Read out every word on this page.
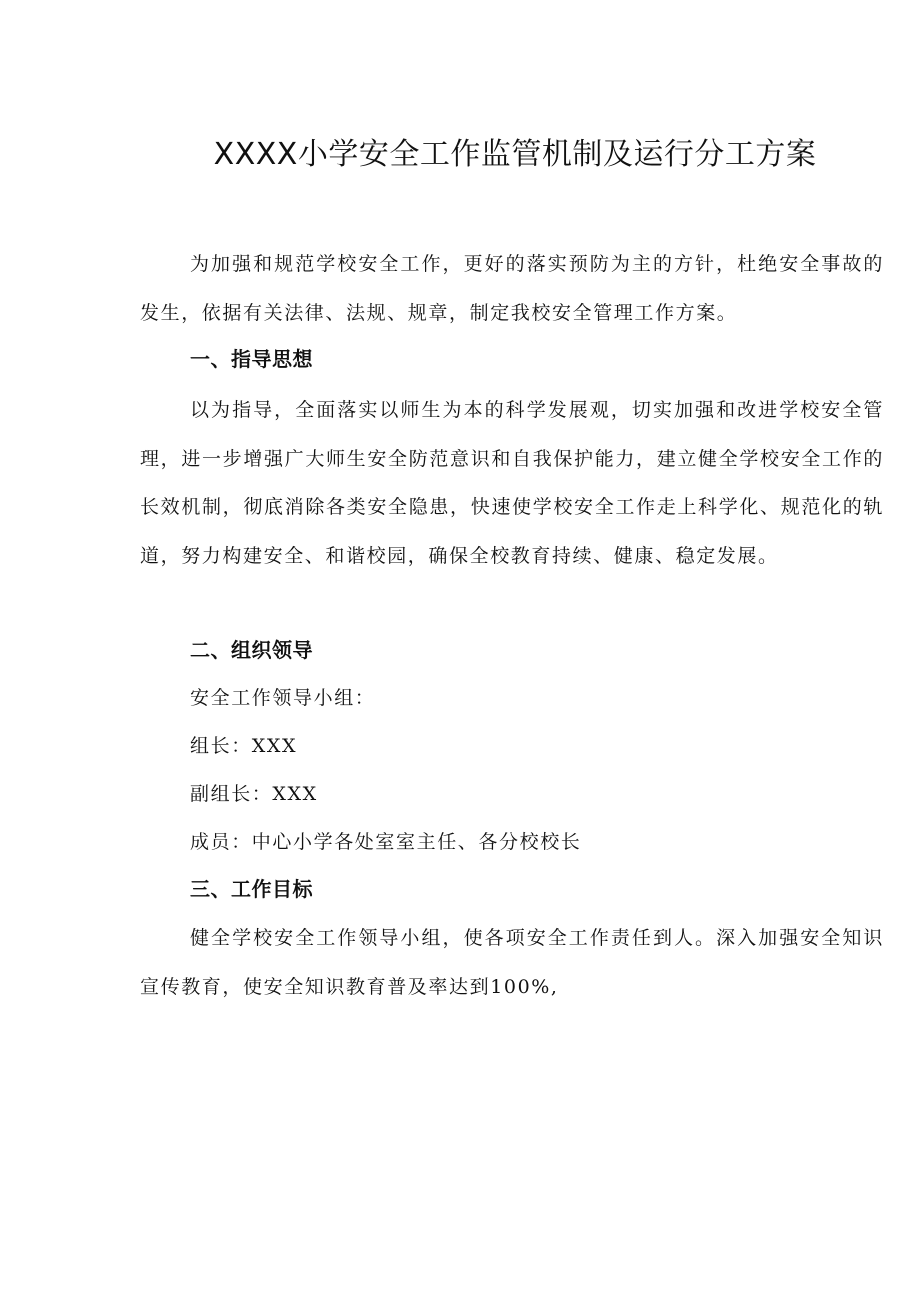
XXXX小学安全工作监管机制及运行分工方案

为加强和规范学校安全工作，更好的落实预防为主的方针，杜绝安全事故的发生，依据有关法律、法规、规章，制定我校安全管理工作方案。

一、指导思想

以为指导，全面落实以师生为本的科学发展观，切实加强和改进学校安全管理，进一步增强广大师生安全防范意识和自我保护能力，建立健全学校安全工作的长效机制，彻底消除各类安全隐患，快速使学校安全工作走上科学化、规范化的轨道，努力构建安全、和谐校园，确保全校教育持续、健康、稳定发展。

二、组织领导

安全工作领导小组：

组长：XXX

副组长：XXX

成员：中心小学各处室室主任、各分校校长

三、工作目标

健全学校安全工作领导小组，使各项安全工作责任到人。深入加强安全知识宣传教育，使安全知识教育普及率达到100%,
